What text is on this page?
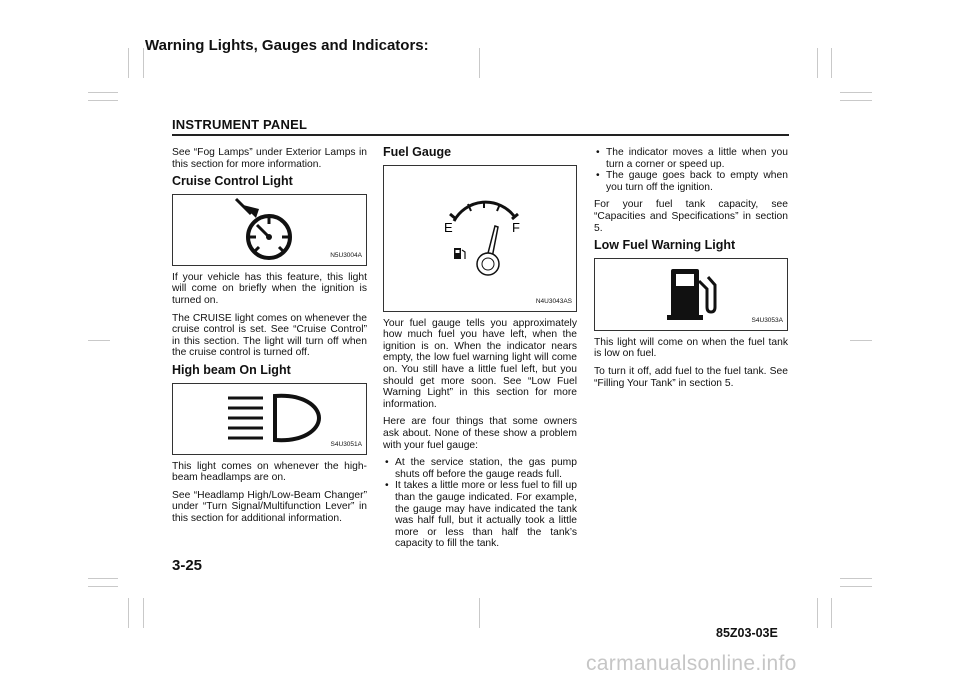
Warning Lights, Gauges and Indicators:
INSTRUMENT PANEL

See “Fog Lamps” under Exterior Lamps in this section for more information.

Cruise Control Light
N5U3004A

If your vehicle has this feature, this light will come on briefly when the ignition is turned on.

The CRUISE light comes on whenever the cruise control is set. See “Cruise Control” in this section. The light will turn off when the cruise control is turned off.

High beam On Light
S4U3051A

This light comes on whenever the high-beam headlamps are on.

See “Headlamp High/Low-Beam Changer” under “Turn Signal/Multifunction Lever” in this section for additional information.

Fuel Gauge
E	F
N4U3043AS

Your fuel gauge tells you approximately how much fuel you have left, when the ignition is on. When the indicator nears empty, the low fuel warning light will come on. You still have a little fuel left, but you should get more soon. See “Low Fuel Warning Light” in this section for more information.

Here are four things that some owners ask about. None of these show a problem with your fuel gauge:

• At the service station, the gas pump shuts off before the gauge reads full.
• It takes a little more or less fuel to fill up than the gauge indicated. For example, the gauge may have indicated the tank was half full, but it actually took a little more or less than half the tank’s capacity to fill the tank.
• The indicator moves a little when you turn a corner or speed up.
• The gauge goes back to empty when you turn off the ignition.

For your fuel tank capacity, see “Capacities and Specifications” in section 5.

Low Fuel Warning Light
S4U3053A

This light will come on when the fuel tank is low on fuel.

To turn it off, add fuel to the fuel tank. See “Filling Your Tank” in section 5.

3-25
85Z03-03E
carmanualsonline.info
